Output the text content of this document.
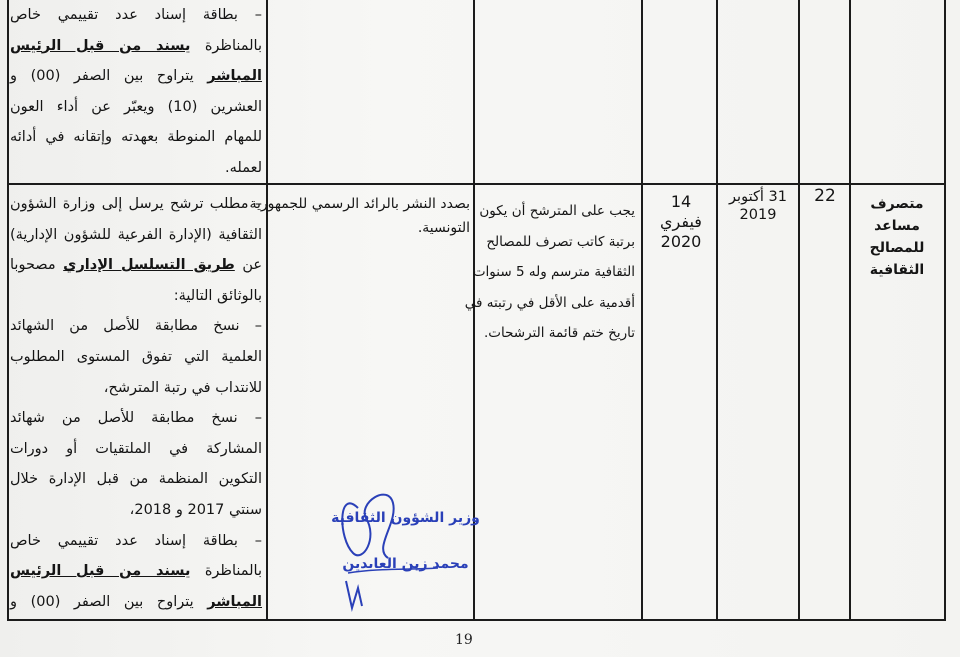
– بطاقة إسناد عدد تقييمي خاص
بالمناظرة يسند من قبل الرئيس
المباشر يتراوح بين الصفر (00) و
العشرين (10) ويعبّر عن أداء العون
للمهام المنوطة بعهدته وإتقانه في أدائه
لعمله.
متصرف مساعد للمصالح الثقافية
22
31 أكتوبر 2019
14 فيفري 2020
يجب على المترشح أن يكون
برتبة كاتب تصرف للمصالح
الثقافية مترسم وله 5 سنوات
أقدمية على الأقل في رتبته في
تاريخ ختم قائمة الترشحات.
بصدد النشر بالرائد الرسمي للجمهورية
التونسية.
– مطلب ترشح يرسل إلى وزارة الشؤون
الثقافية (الإدارة الفرعية للشؤون الإدارية)
عن طريق التسلسل الإداري مصحوبا
بالوثائق التالية:
– نسخ مطابقة للأصل من الشهائد
العلمية التي تفوق المستوى المطلوب
للانتداب في رتبة المترشح،
– نسخ مطابقة للأصل من شهائد
المشاركة في الملتقيات أو دورات
التكوين المنظمة من قبل الإدارة خلال
سنتي 2017 و 2018،
– بطاقة إسناد عدد تقييمي خاص
بالمناظرة يسند من قبل الرئيس
المباشر يتراوح بين الصفر (00) و
وزير الشؤون الثقافية
محمد زين العابدين
19
